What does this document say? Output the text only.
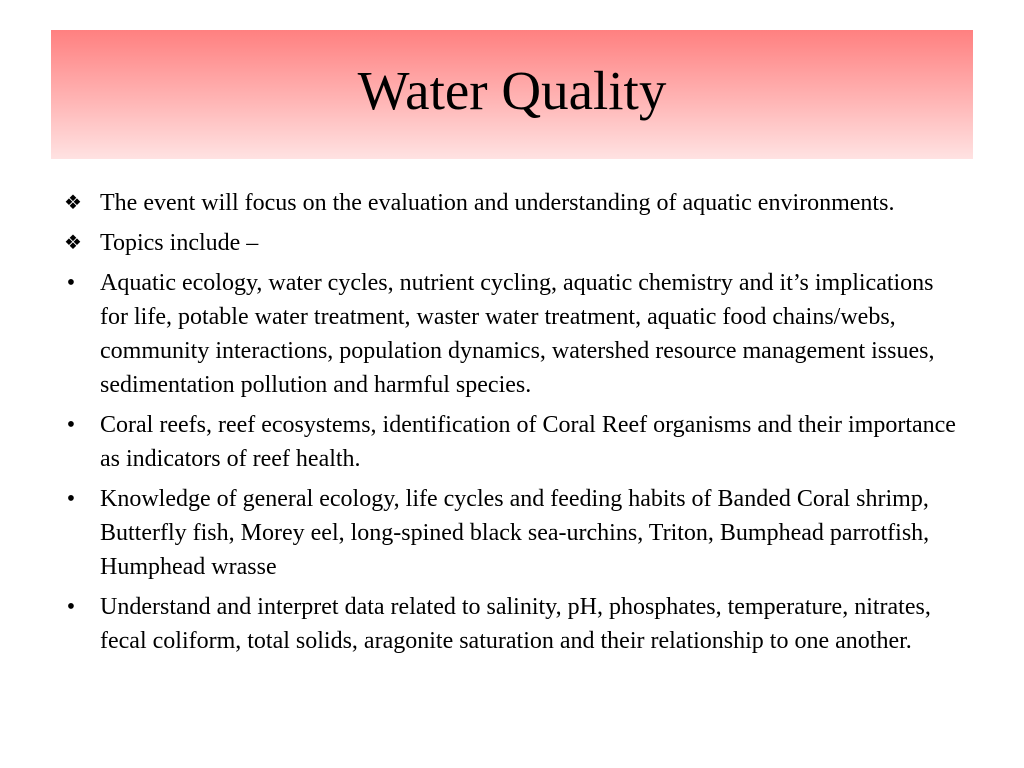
Water Quality
❖ The event will focus on the evaluation and understanding of aquatic environments.
❖ Topics include –
•	Aquatic ecology, water cycles, nutrient cycling, aquatic chemistry and it’s implications for life, potable water treatment, waster water treatment, aquatic food chains/webs, community interactions, population dynamics, watershed resource management issues, sedimentation pollution and harmful species.
•	Coral reefs, reef ecosystems, identification of Coral Reef organisms and their importance as indicators of reef health.
•	Knowledge of general ecology, life cycles and feeding habits of Banded Coral shrimp, Butterfly fish, Morey eel, long-spined black sea-urchins, Triton, Bumphead parrotfish, Humphead wrasse
•	Understand and interpret data related to salinity, pH, phosphates, temperature, nitrates, fecal coliform, total solids, aragonite saturation and their relationship to one another.
